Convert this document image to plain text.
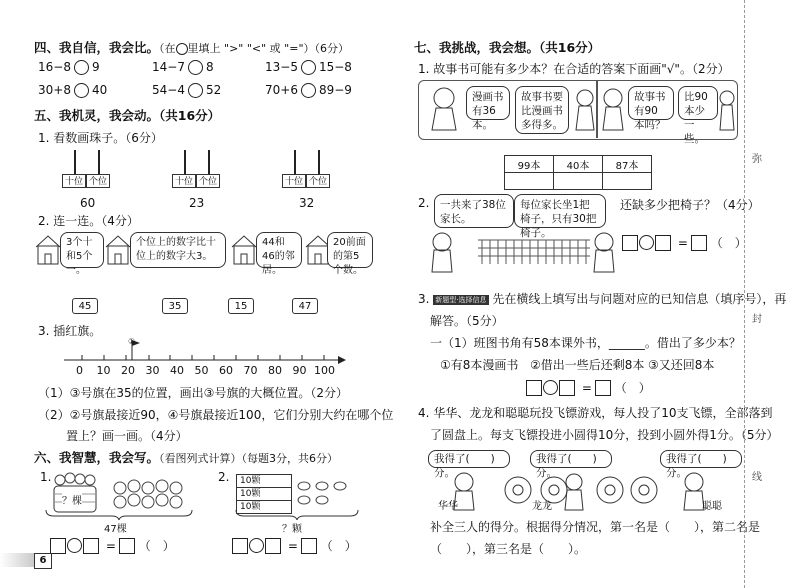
四、我自信，我会比。（在 里填上 ">" "<" 或 "="）（6分）
16−8 9	14−7 8	13−5 15−8
30+8 40	54−4 52	70+6 89−9
五、我机灵，我会动。（共16分）
1. 看数画珠子。（6分）
十位 个位
60
十位 个位
23
十位 个位
32
2. 连一连。（4分）
3个十和5个一。
个位上的数字比十位上的数字大3。
44和46的邻居。
20前面的第5个数。
45	35	15	47
3. 插红旗。
①
0 10 20 30 40 50 60 70 80 90 100
（1）③号旗在35的位置，画出③号旗的大概位置。（2分）
（2）②号旗最接近90，④号旗最接近100，它们分别大约在哪个位
置上？画一画。（4分）
六、我智慧，我会写。（看图列式计算）（每题3分，共6分）
1.
？棵
47棵
2.	10颗
10颗
10颗
？颗
= （　）	= （　）
6
七、我挑战，我会想。（共16分）
1. 故事书可能有多少本？在合适的答案下面画"√"。（2分）
漫画书有36本。
故事书要比漫画书多得多。
故事书有90本吗？
比90本少一些。
99本	40本	87本

2.	一共来了38位家长。
每位家长坐1把椅子，只有30把椅子。
还缺多少把椅子？（4分）
= （　）
3. 新题型·选择信息 先在横线上填写出与问题对应的已知信息（填序号），再
解答。（5分）
一（1）班图书角有58本课外书，______。借出了多少本？
①有8本漫画书 ②借出一些后还剩8本 ③又还回8本
= （　）
4. 华华、龙龙和聪聪玩投飞镖游戏，每人投了10支飞镖，全部落到
了圆盘上。每支飞镖投进小圆得10分，投到小圆外得1分。（5分）
我得了(　　)分。
我得了(　　)分。
我得了(　　)分。
华华	龙龙	聪聪
补全三人的得分。根据得分情况，第一名是（　　），第二名是
（　　），第三名是（　　）。
弥
封
线
